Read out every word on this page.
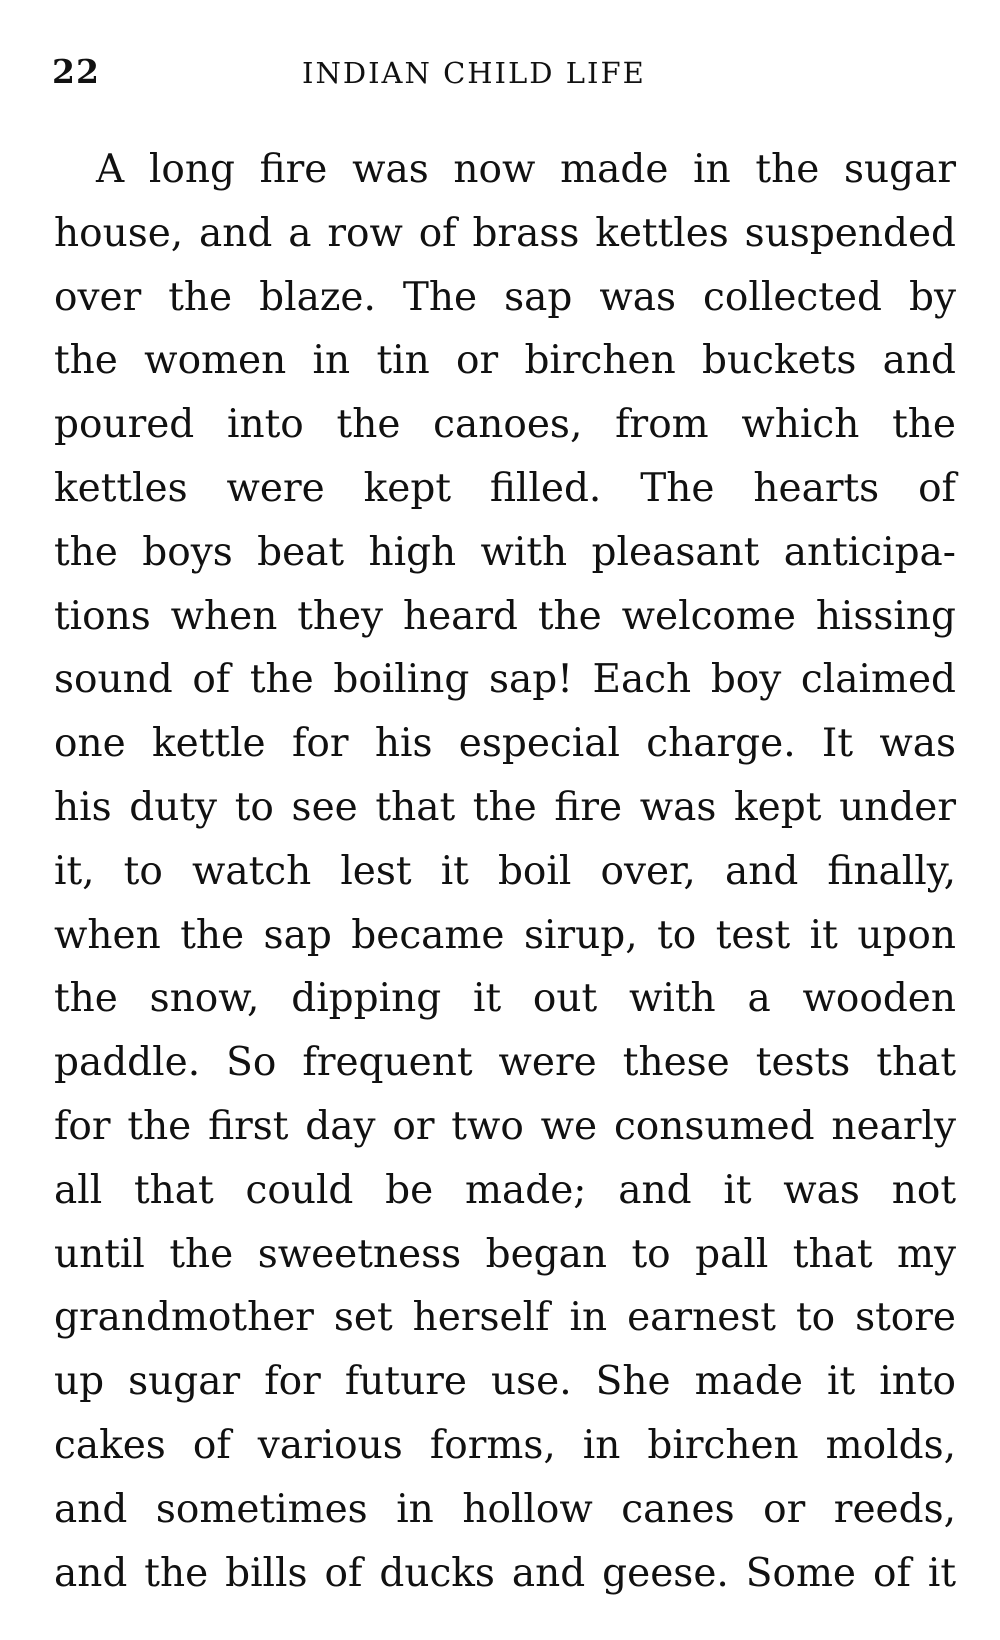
22	INDIAN CHILD LIFE
A long fire was now made in the sugar
house, and a row of brass kettles suspended
over the blaze. The sap was collected by
the women in tin or birchen buckets and
poured into the canoes, from which the
kettles were kept filled. The hearts of
the boys beat high with pleasant anticipa-
tions when they heard the welcome hissing
sound of the boiling sap! Each boy claimed
one kettle for his especial charge. It was
his duty to see that the fire was kept under
it, to watch lest it boil over, and finally,
when the sap became sirup, to test it upon
the snow, dipping it out with a wooden
paddle. So frequent were these tests that
for the first day or two we consumed nearly
all that could be made; and it was not
until the sweetness began to pall that my
grandmother set herself in earnest to store
up sugar for future use. She made it into
cakes of various forms, in birchen molds,
and sometimes in hollow canes or reeds,
and the bills of ducks and geese. Some of it
